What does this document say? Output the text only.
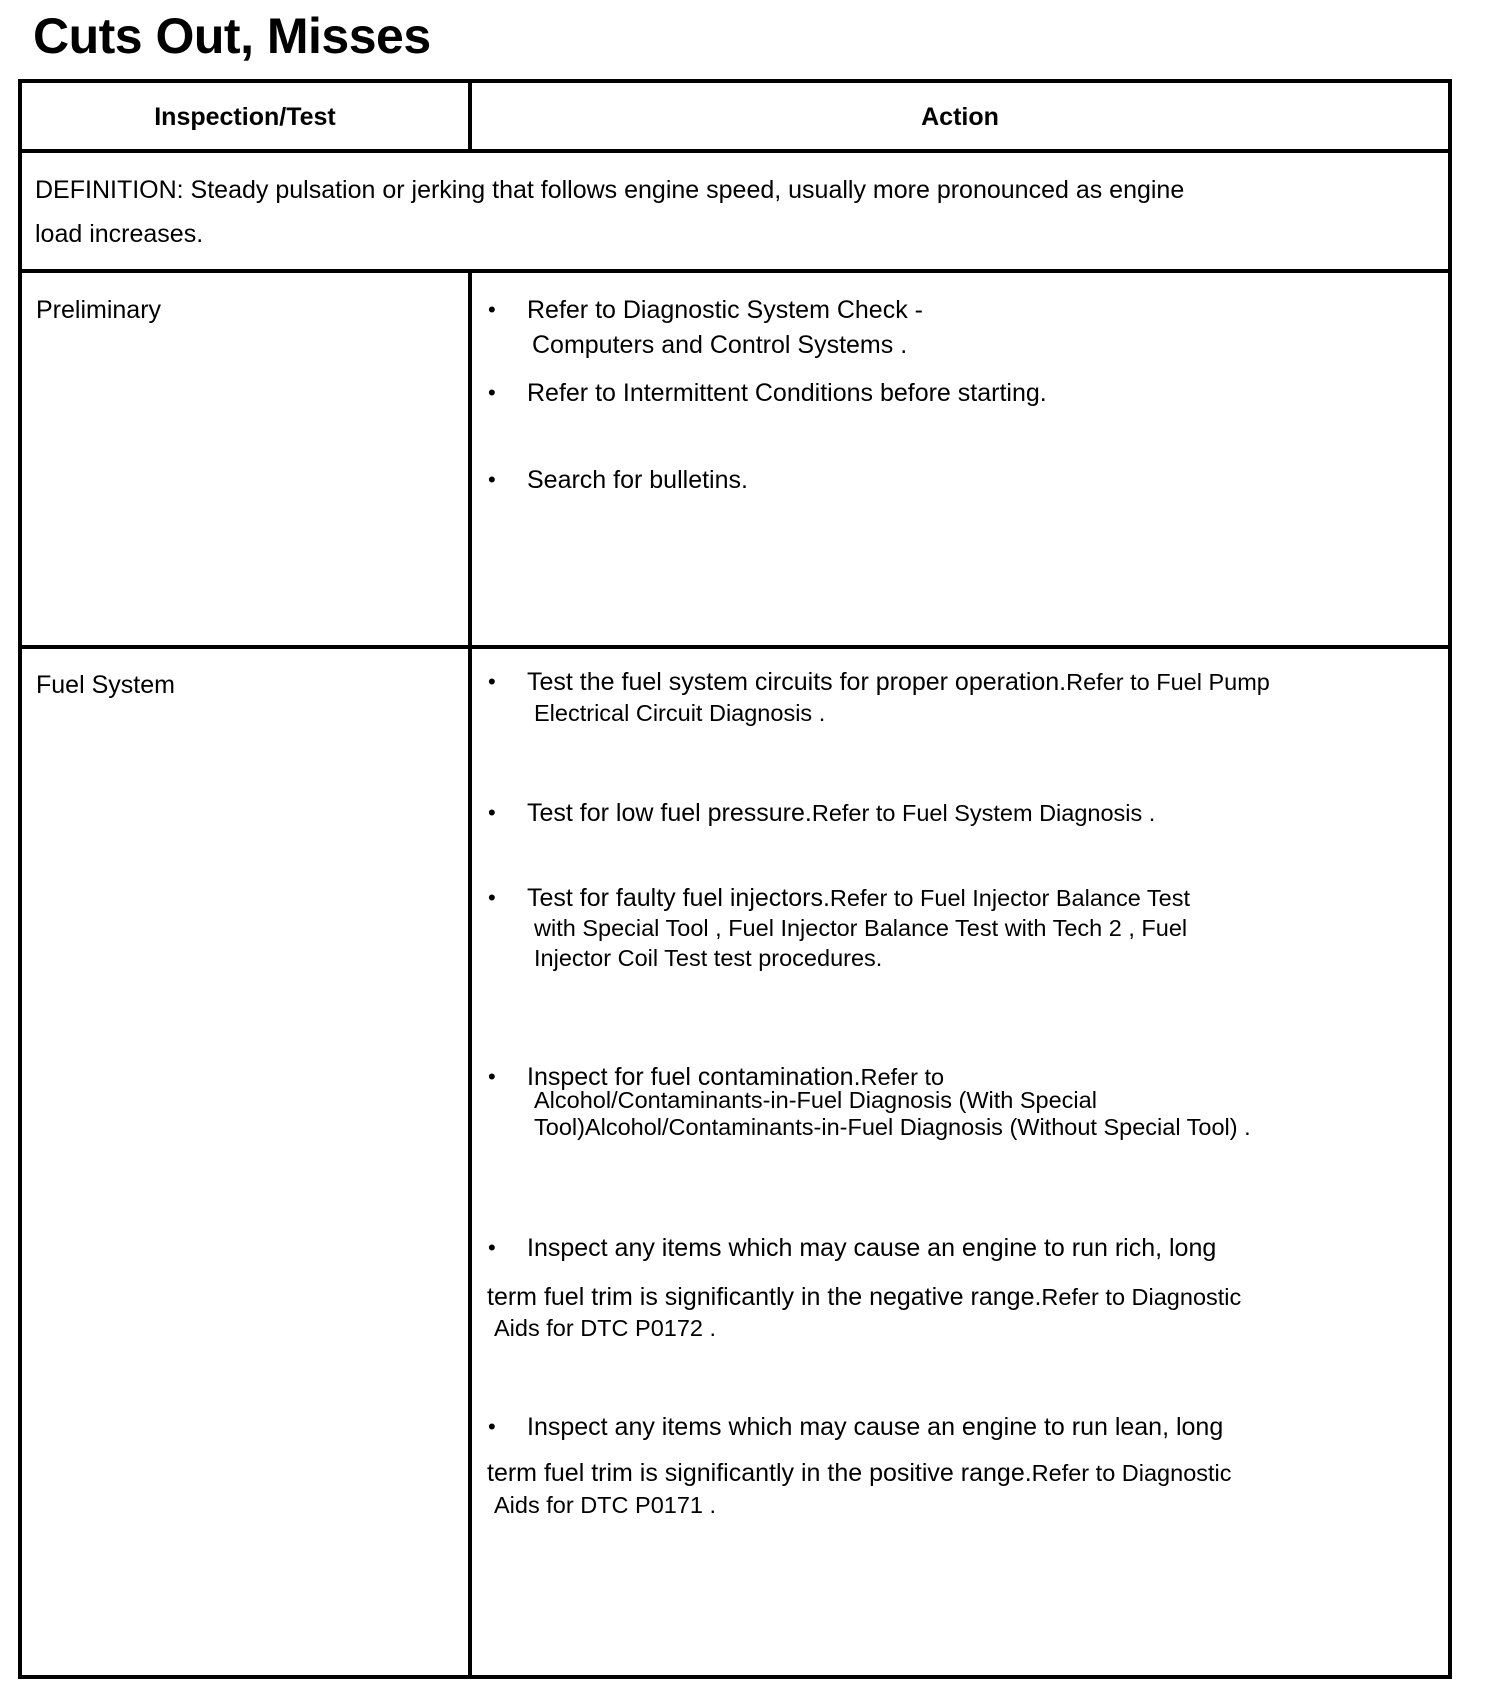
Cuts Out, Misses
Inspection/Test	Action
DEFINITION: Steady pulsation or jerking that follows engine speed, usually more pronounced as engine
load increases.
Preliminary	• Refer to Diagnostic System Check -
Computers and Control Systems .
• Refer to Intermittent Conditions before starting.
• Search for bulletins.
Fuel System	• Test the fuel system circuits for proper operation.Refer to Fuel Pump
Electrical Circuit Diagnosis .
• Test for low fuel pressure.Refer to Fuel System Diagnosis .
• Test for faulty fuel injectors.Refer to Fuel Injector Balance Test
with Special Tool , Fuel Injector Balance Test with Tech 2 , Fuel
Injector Coil Test test procedures.
• Inspect for fuel contamination.Refer to
Alcohol/Contaminants-in-Fuel Diagnosis (With Special
Tool)Alcohol/Contaminants-in-Fuel Diagnosis (Without Special Tool) .
• Inspect any items which may cause an engine to run rich, long
term fuel trim is significantly in the negative range.Refer to Diagnostic
Aids for DTC P0172 .
• Inspect any items which may cause an engine to run lean, long
term fuel trim is significantly in the positive range.Refer to Diagnostic
Aids for DTC P0171 .
